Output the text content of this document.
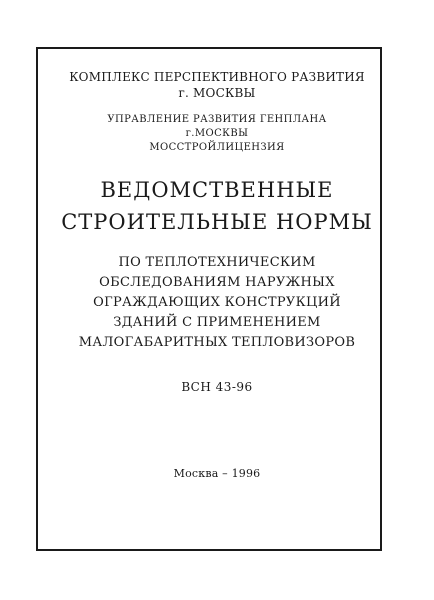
КОМПЛЕКС ПЕРСПЕКТИВНОГО РАЗВИТИЯ
г. МОСКВЫ
УПРАВЛЕНИЕ РАЗВИТИЯ ГЕНПЛАНА
г.МОСКВЫ
МОССТРОЙЛИЦЕНЗИЯ
ВЕДОМСТВЕННЫЕ
СТРОИТЕЛЬНЫЕ НОРМЫ
ПО ТЕПЛОТЕХНИЧЕСКИМ
ОБСЛЕДОВАНИЯМ НАРУЖНЫХ
ОГРАЖДАЮЩИХ КОНСТРУКЦИЙ
ЗДАНИЙ С ПРИМЕНЕНИЕМ
МАЛОГАБАРИТНЫХ ТЕПЛОВИЗОРОВ
ВСН 43-96
Москва – 1996
